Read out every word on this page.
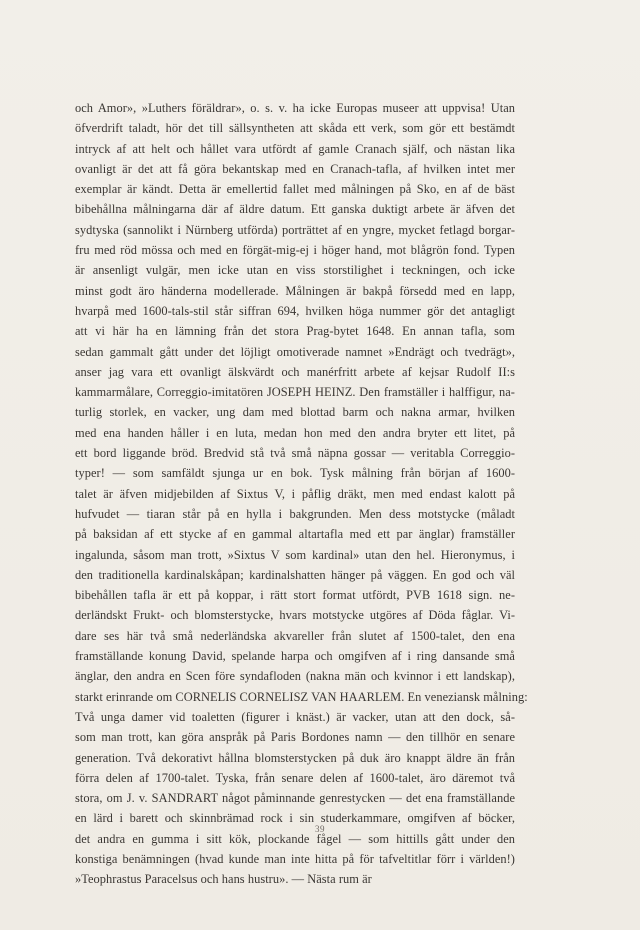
och Amor», »Luthers föräldrar», o. s. v. ha icke Europas museer att uppvisa! Utan
öfverdrift taladt, hör det till sällsyntheten att skåda ett verk, som gör ett bestämdt
intryck af att helt och hållet vara utfördt af gamle Cranach själf, och nästan lika
ovanligt är det att få göra bekantskap med en Cranach-tafla, af hvilken intet mer
exemplar är kändt. Detta är emellertid fallet med målningen på Sko, en af de bäst
bibehållna målningarna där af äldre datum. Ett ganska duktigt arbete är äfven det
sydtyska (sannolikt i Nürnberg utförda) porträttet af en yngre, mycket fetlagd borgar-
fru med röd mössa och med en förgät-mig-ej i höger hand, mot blågrön fond. Typen
är ansenligt vulgär, men icke utan en viss storstilighet i teckningen, och icke
minst godt äro händerna modellerade. Målningen är bakpå försedd med en lapp,
hvarpå med 1600-tals-stil står siffran 694, hvilken höga nummer gör det antagligt
att vi här ha en lämning från det stora Prag-bytet 1648. En annan tafla, som
sedan gammalt gått under det löjligt omotiverade namnet »Endrägt och tvedrägt»,
anser jag vara ett ovanligt älskvärdt och manérfritt arbete af kejsar Rudolf II:s
kammarmålare, Correggio-imitatören JOSEPH HEINZ. Den framställer i halffigur, na-
turlig storlek, en vacker, ung dam med blottad barm och nakna armar, hvilken
med ena handen håller i en luta, medan hon med den andra bryter ett litet, på
ett bord liggande bröd. Bredvid stå två små näpna gossar — veritabla Correggio-
typer! — som samfäldt sjunga ur en bok. Tysk målning från början af 1600-
talet är äfven midjebilden af Sixtus V, i påflig dräkt, men med endast kalott på
hufvudet — tiaran står på en hylla i bakgrunden. Men dess motstycke (måladt
på baksidan af ett stycke af en gammal altartafla med ett par änglar) framställer
ingalunda, såsom man trott, »Sixtus V som kardinal» utan den hel. Hieronymus, i
den traditionella kardinalskåpan; kardinalshatten hänger på väggen. En god och väl
bibehållen tafla är ett på koppar, i rätt stort format utfördt, PVB 1618 sign. ne-
derländskt Frukt- och blomsterstycke, hvars motstycke utgöres af Döda fåglar. Vi-
dare ses här två små nederländska akvareller från slutet af 1500-talet, den ena
framställande konung David, spelande harpa och omgifven af i ring dansande små
änglar, den andra en Scen före syndafloden (nakna män och kvinnor i ett landskap),
starkt erinrande om CORNELIS CORNELISZ VAN HAARLEM. En veneziansk målning:
Två unga damer vid toaletten (figurer i knäst.) är vacker, utan att den dock, så-
som man trott, kan göra anspråk på Paris Bordones namn — den tillhör en senare
generation. Två dekorativt hållna blomsterstycken på duk äro knappt äldre än från
förra delen af 1700-talet. Tyska, från senare delen af 1600-talet, äro däremot två
stora, om J. v. SANDRART något påminnande genrestycken — det ena framställande
en lärd i barett och skinnbrämad rock i sin studerkammare, omgifven af böcker,
det andra en gumma i sitt kök, plockande fågel — som hittills gått under den
konstiga benämningen (hvad kunde man inte hitta på för tafveltitlar förr i världen!)
»Teophrastus Paracelsus och hans hustru». — Nästa rum är
39
